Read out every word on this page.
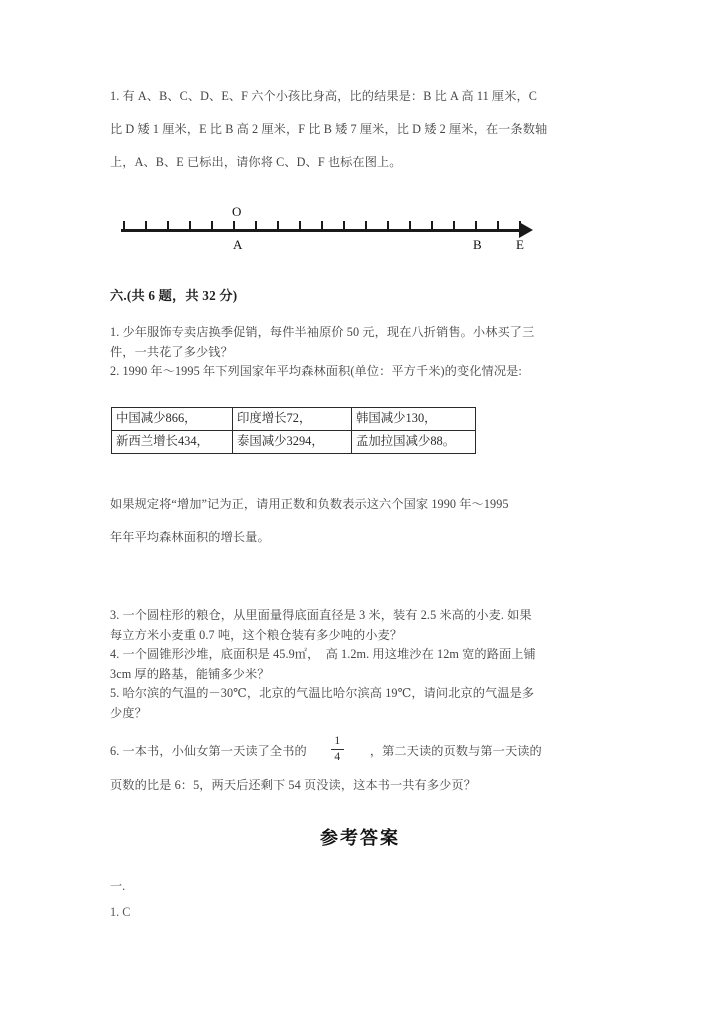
1. 有 A、B、C、D、E、F 六个小孩比身高，比的结果是：B 比 A 高 11 厘米，C
比 D 矮 1 厘米，E 比 B 高 2 厘米，F 比 B 矮 7 厘米，比 D 矮 2 厘米，在一条数轴
上，A、B、E 已标出，请你将 C、D、F 也标在图上。
O
A	B	E
六.(共 6 题，共 32 分)
1. 少年服饰专卖店换季促销，每件半袖原价 50 元，现在八折销售。小林买了三
件，一共花了多少钱？
2. 1990 年～1995 年下列国家年平均森林面积(单位：平方千米)的变化情况是:
中国减少866，	印度增长72，	韩国减少130，
新西兰增长434，	泰国减少3294，	孟加拉国减少88。
如果规定将“增加”记为正，请用正数和负数表示这六个国家 1990 年～1995
年年平均森林面积的增长量。
3. 一个圆柱形的粮仓，从里面量得底面直径是 3 米，装有 2.5 米高的小麦. 如果
每立方米小麦重 0.7 吨，这个粮仓装有多少吨的小麦？
4. 一个圆锥形沙堆，底面积是 45.9㎡，　高 1.2m. 用这堆沙在 12m 宽的路面上铺
3cm 厚的路基，能铺多少米？
5. 哈尔滨的气温的－30℃，北京的气温比哈尔滨高 19℃，请问北京的气温是多
少度？
6. 一本书，小仙女第一天读了全书的 $\frac{1}{4}$ ，第二天读的页数与第一天读的
页数的比是 6：5，两天后还剩下 54 页没读，这本书一共有多少页？
参考答案
一.
1. C
